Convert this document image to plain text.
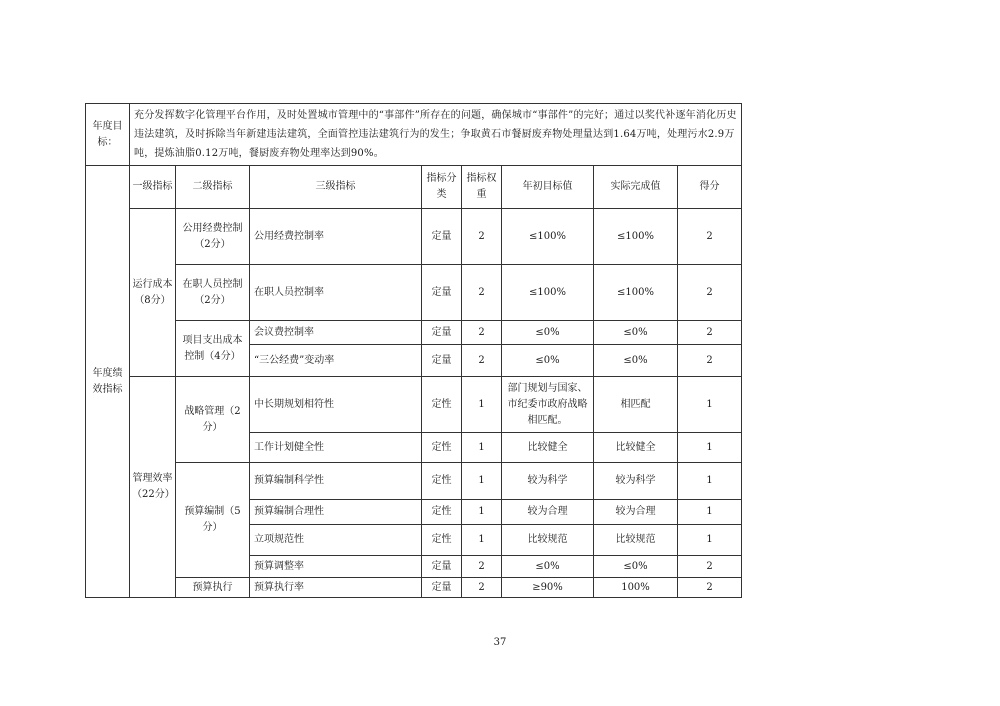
年度目标：	充分发挥数字化管理平台作用，及时处置城市管理中的“事部件”所存在的问题，确保城市“事部件”的完好；通过以奖代补逐年消化历史违法建筑，及时拆除当年新建违法建筑，全面管控违法建筑行为的发生；争取黄石市餐厨废弃物处理量达到1.64万吨，处理污水2.9万吨，提炼油脂0.12万吨，餐厨废弃物处理率达到90%。							
年度绩效指标	一级指标	二级指标	三级指标	指标分类	指标权重	年初目标值	实际完成值	得分
	运行成本（8分）	公用经费控制（2分）	公用经费控制率	定量	2	≤100%	≤100%	2
		在职人员控制（2分）	在职人员控制率	定量	2	≤100%	≤100%	2
		项目支出成本控制（4分）	会议费控制率	定量	2	≤0%	≤0%	2
			“三公经费”变动率	定量	2	≤0%	≤0%	2
	管理效率（22分）	战略管理（2分）	中长期规划相符性	定性	1	部门规划与国家、市纪委市政府战略相匹配。	相匹配	1
			工作计划健全性	定性	1	比较健全	比较健全	1
		预算编制（5分）	预算编制科学性	定性	1	较为科学	较为科学	1
			预算编制合理性	定性	1	较为合理	较为合理	1
			立项规范性	定性	1	比较规范	比较规范	1
			预算调整率	定量	2	≤0%	≤0%	2
		预算执行	预算执行率	定量	2	≥90%	100%	2
37
